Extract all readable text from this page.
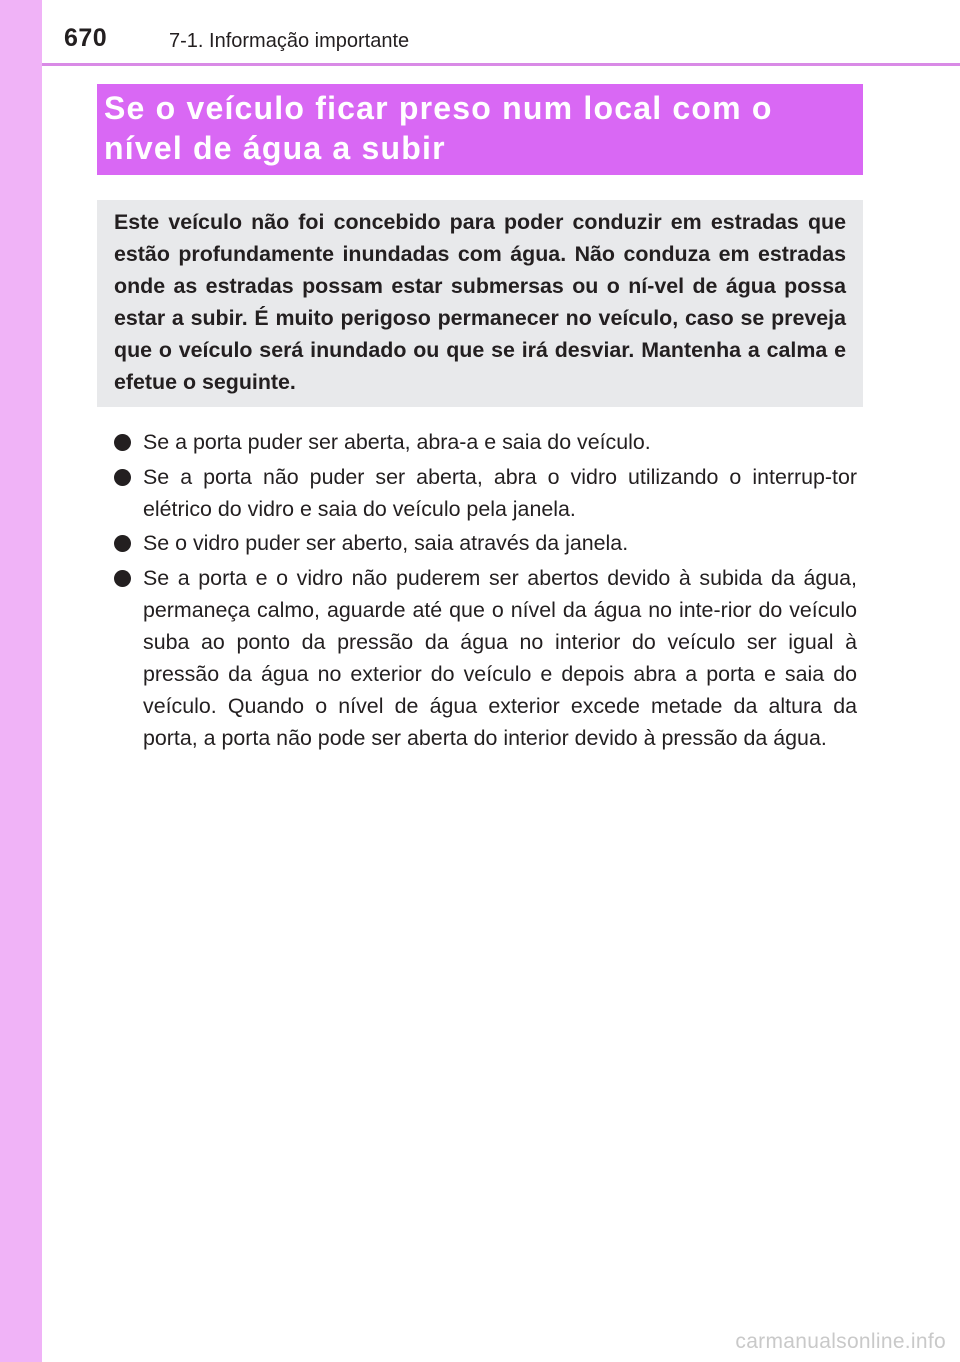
670	7-1. Informação importante
Se o veículo ficar preso num local com o
nível de água a subir

Este veículo não foi concebido para poder conduzir em estradas que estão profundamente inundadas com água. Não conduza em estradas onde as estradas possam estar submersas ou o ní-vel de água possa estar a subir. É muito perigoso permanecer no veículo, caso se preveja que o veículo será inundado ou que se irá desviar. Mantenha a calma e efetue o seguinte.

Se a porta puder ser aberta, abra-a e saia do veículo.
Se a porta não puder ser aberta, abra o vidro utilizando o interrup-tor elétrico do vidro e saia do veículo pela janela.
Se o vidro puder ser aberto, saia através da janela.
Se a porta e o vidro não puderem ser abertos devido à subida da água, permaneça calmo, aguarde até que o nível da água no inte-rior do veículo suba ao ponto da pressão da água no interior do veículo ser igual à pressão da água no exterior do veículo e depois abra a porta e saia do veículo. Quando o nível de água exterior excede metade da altura da porta, a porta não pode ser aberta do interior devido à pressão da água.
carmanualsonline.info
